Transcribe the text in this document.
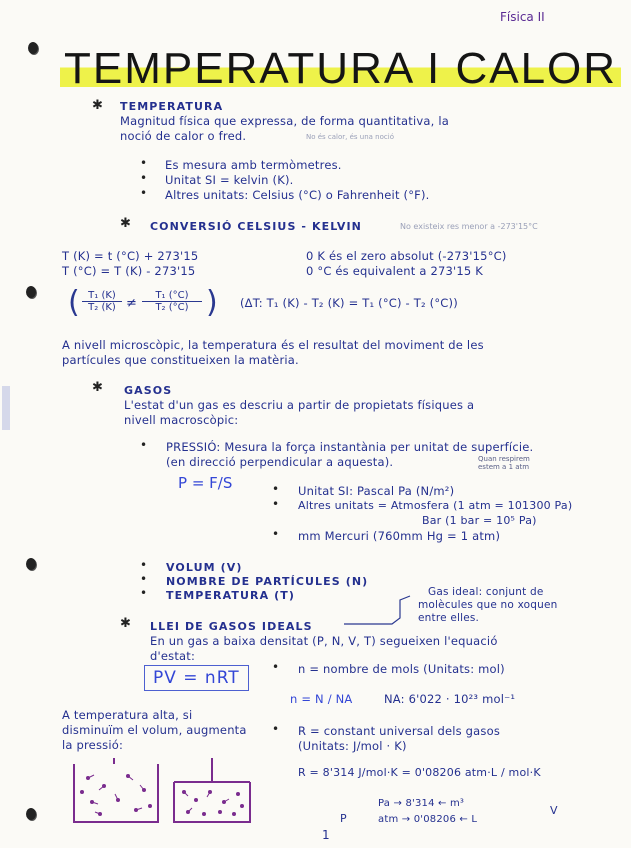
Física II
TEMPERATURA I CALOR
✱ TEMPERATURA
Magnitud física que expressa, de forma quantitativa, la
noció de calor o fred.	No és calor, és una noció
• Es mesura amb termòmetres.
• Unitat SI = kelvin (K).
• Altres unitats: Celsius (°C) o Fahrenheit (°F).
✱ CONVERSIÓ CELSIUS - KELVIN	No existeix res menor a -273'15°C
T (K) = t (°C) + 273'15
T (°C) = T (K) - 273'15
0 K és el zero absolut (-273'15°C)
0 °C és equivalent a 273'15 K
( T₁ (K)
T₂ (K) ≠
T₁ (°C)
T₂ (°C) ) (ΔT: T₁ (K) - T₂ (K) = T₁ (°C) - T₂ (°C))
A nivell microscòpic, la temperatura és el resultat del moviment de les
partícules que constitueixen la matèria.
✱ GASOS
L'estat d'un gas es descriu a partir de propietats físiques a
nivell macroscòpic:
• PRESSIÓ: Mesura la força instantània per unitat de superfície.
(en direcció perpendicular a aquesta).	Quan respirem estem a 1 atm
P = F/S	• Unitat SI: Pascal Pa (N/m²)
• Altres unitats = Atmosfera (1 atm = 101300 Pa)
Bar (1 bar = 10⁵ Pa)
• mm Mercuri (760mm Hg = 1 atm)
• VOLUM (V)
• NOMBRE DE PARTÍCULES (N)
• TEMPERATURA (T)	Gas ideal: conjunt de
molècules que no xoquen
entre elles.
✱ LLEI DE GASOS IDEALS
En un gas a baixa densitat (P, N, V, T) segueixen l'equació
d'estat:
PV = nRT
• n = nombre de mols (Unitats: mol)
n = N / NA	NA: 6'022 · 10²³ mol⁻¹
A temperatura alta, si
disminuïm el volum, augmenta
la pressió:
• R = constant universal dels gasos
(Unitats: J/mol · K)
R = 8'314 J/mol·K = 0'08206 atm·L / mol·K
Pa → 8'314 ← m³
P	atm → 0'08206 ← L
V
1
